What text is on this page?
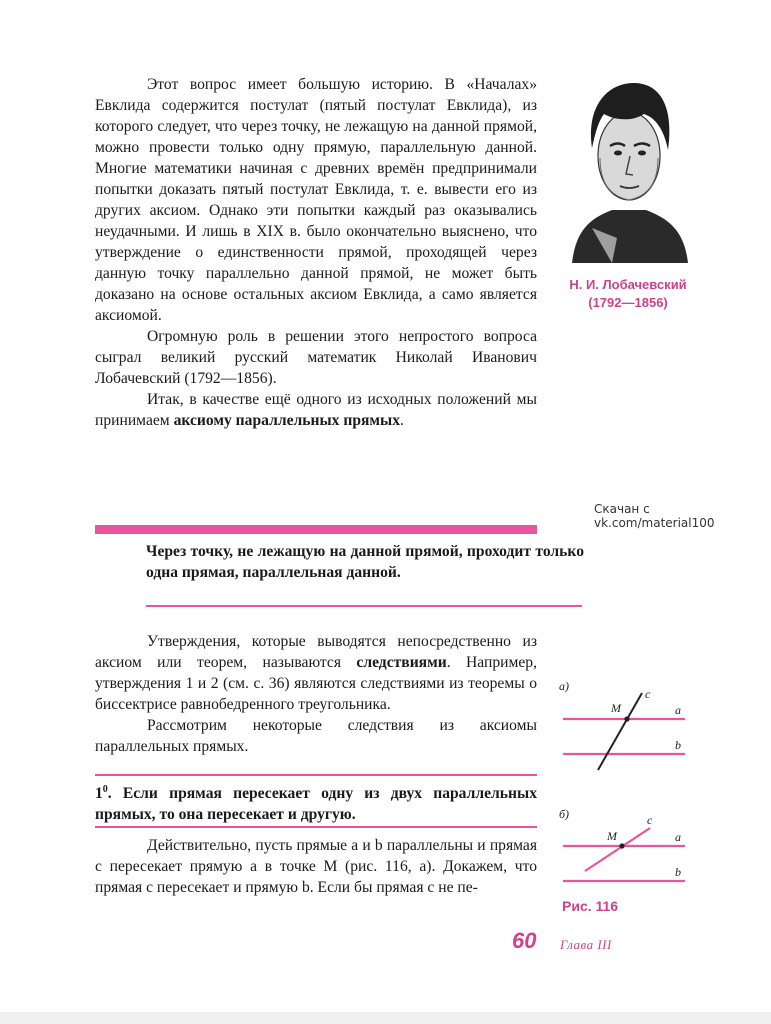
Этот вопрос имеет большую историю. В «Началах» Евклида содержится постулат (пятый постулат Евклида), из которого следует, что через точку, не лежащую на данной прямой, можно провести только одну прямую, параллельную данной. Многие математики начиная с древних времён предпринимали попытки доказать пятый постулат Евклида, т. е. вывести его из других аксиом. Однако эти попытки каждый раз оказывались неудачными. И лишь в XIX в. было окончательно выяснено, что утверждение о единственности прямой, проходящей через данную точку параллельно данной прямой, не может быть доказано на основе остальных аксиом Евклида, а само является аксиомой.

Огромную роль в решении этого непростого вопроса сыграл великий русский математик Николай Иванович Лобачевский (1792—1856).

Итак, в качестве ещё одного из исходных положений мы принимаем аксиому параллельных прямых.

Через точку, не лежащую на данной прямой, проходит только одна прямая, параллельная данной.

Утверждения, которые выводятся непосредственно из аксиом или теорем, называются следствиями. Например, утверждения 1 и 2 (см. с. 36) являются следствиями из теоремы о биссектрисе равнобедренного треугольника.

Рассмотрим некоторые следствия из аксиомы параллельных прямых.

$1^0$. Если прямая пересекает одну из двух параллельных прямых, то она пересекает и другую.

Действительно, пусть прямые a и b параллельны и прямая c пересекает прямую a в точке M (рис. 116, а). Докажем, что прямая c пересекает и прямую b. Если бы прямая c не пе-

Н. И. Лобачевский
(1792—1856)
Скачан с vk.com/material100
а)
M
c
a
b
б)
M
c
a
b
Рис. 116
60 Глава III
